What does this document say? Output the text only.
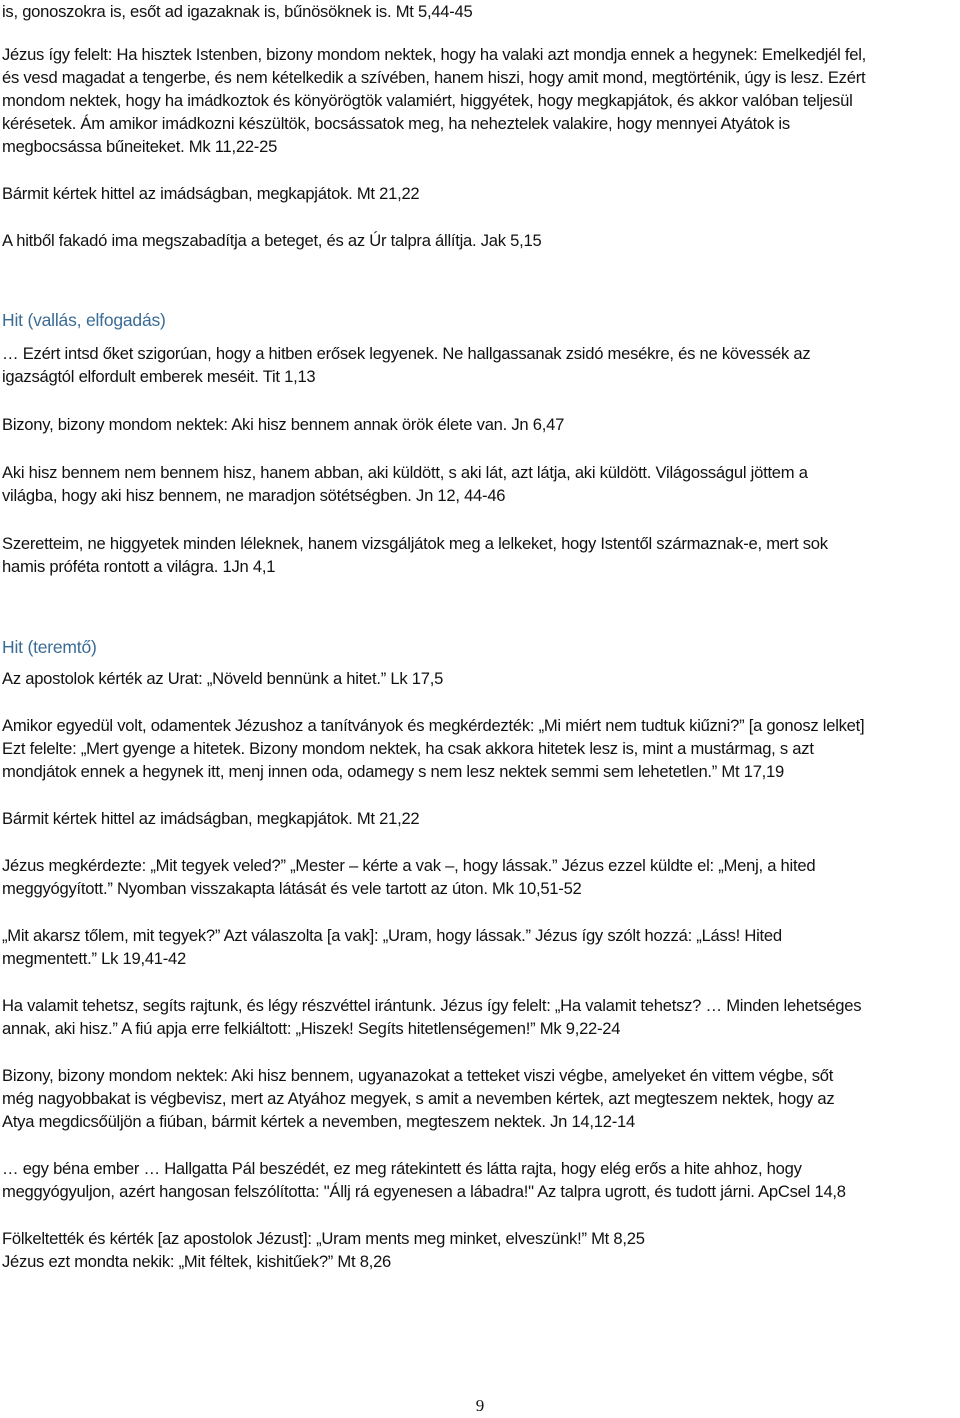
is, gonoszokra is, esőt ad igazaknak is, bűnösöknek is. Mt 5,44-45

Jézus így felelt: Ha hisztek Istenben, bizony mondom nektek, hogy ha valaki azt mondja ennek a hegynek: Emelkedjél fel,

és vesd magadat a tengerbe, és nem kételkedik a szívében, hanem hiszi, hogy amit mond, megtörténik, úgy is lesz. Ezért

mondom nektek, hogy ha imádkoztok és könyörögtök valamiért, higgyétek, hogy megkapjátok, és akkor valóban teljesül

kérésetek. Ám amikor imádkozni készültök, bocsássatok meg, ha neheztelek valakire, hogy mennyei Atyátok is

megbocsássa bűneiteket. Mk 11,22-25

Bármit kértek hittel az imádságban, megkapjátok. Mt 21,22

A hitből fakadó ima megszabadítja a beteget, és az Úr talpra állítja. Jak 5,15

Hit (vallás, elfogadás)

… Ezért intsd őket szigorúan, hogy a hitben erősek legyenek. Ne hallgassanak zsidó mesékre, és ne kövessék az

igazságtól elfordult emberek meséit. Tit 1,13

Bizony, bizony mondom nektek: Aki hisz bennem annak örök élete van. Jn 6,47

Aki hisz bennem nem bennem hisz, hanem abban, aki küldött, s aki lát, azt látja, aki küldött. Világosságul jöttem a

világba, hogy aki hisz bennem, ne maradjon sötétségben. Jn 12, 44-46

Szeretteim, ne higgyetek minden léleknek, hanem vizsgáljátok meg a lelkeket, hogy Istentől származnak-e, mert sok

hamis próféta rontott a világra. 1Jn 4,1

Hit (teremtő)

Az apostolok kérték az Urat: „Növeld bennünk a hitet.” Lk 17,5

Amikor egyedül volt, odamentek Jézushoz a tanítványok és megkérdezték: „Mi miért nem tudtuk kiűzni?” [a gonosz lelket]

Ezt felelte: „Mert gyenge a hitetek. Bizony mondom nektek, ha csak akkora hitetek lesz is, mint a mustármag, s azt

mondjátok ennek a hegynek itt, menj innen oda, odamegy s nem lesz nektek semmi sem lehetetlen.” Mt 17,19

Bármit kértek hittel az imádságban, megkapjátok. Mt 21,22

Jézus megkérdezte: „Mit tegyek veled?” „Mester – kérte a vak –, hogy lássak.” Jézus ezzel küldte el: „Menj, a hited

meggyógyított.” Nyomban visszakapta látását és vele tartott az úton. Mk 10,51-52

„Mit akarsz tőlem, mit tegyek?” Azt válaszolta [a vak]: „Uram, hogy lássak.” Jézus így szólt hozzá: „Láss! Hited

megmentett.” Lk 19,41-42

Ha valamit tehetsz, segíts rajtunk, és légy részvéttel irántunk. Jézus így felelt: „Ha valamit tehetsz? … Minden lehetséges

annak, aki hisz.” A fiú apja erre felkiáltott: „Hiszek! Segíts hitetlenségemen!” Mk 9,22-24

Bizony, bizony mondom nektek: Aki hisz bennem, ugyanazokat a tetteket viszi végbe, amelyeket én vittem végbe, sőt

még nagyobbakat is végbevisz, mert az Atyához megyek, s amit a nevemben kértek, azt megteszem nektek, hogy az

Atya megdicsőüljön a fiúban, bármit kértek a nevemben, megteszem nektek. Jn 14,12-14

… egy béna ember … Hallgatta Pál beszédét, ez meg rátekintett és látta rajta, hogy elég erős a hite ahhoz, hogy

meggyógyuljon, azért hangosan felszólította: "Állj rá egyenesen a lábadra!" Az talpra ugrott, és tudott járni. ApCsel 14,8

Fölkeltették és kérték [az apostolok Jézust]: „Uram ments meg minket, elveszünk!” Mt 8,25

Jézus ezt mondta nekik: „Mit féltek, kishitűek?” Mt 8,26

9
